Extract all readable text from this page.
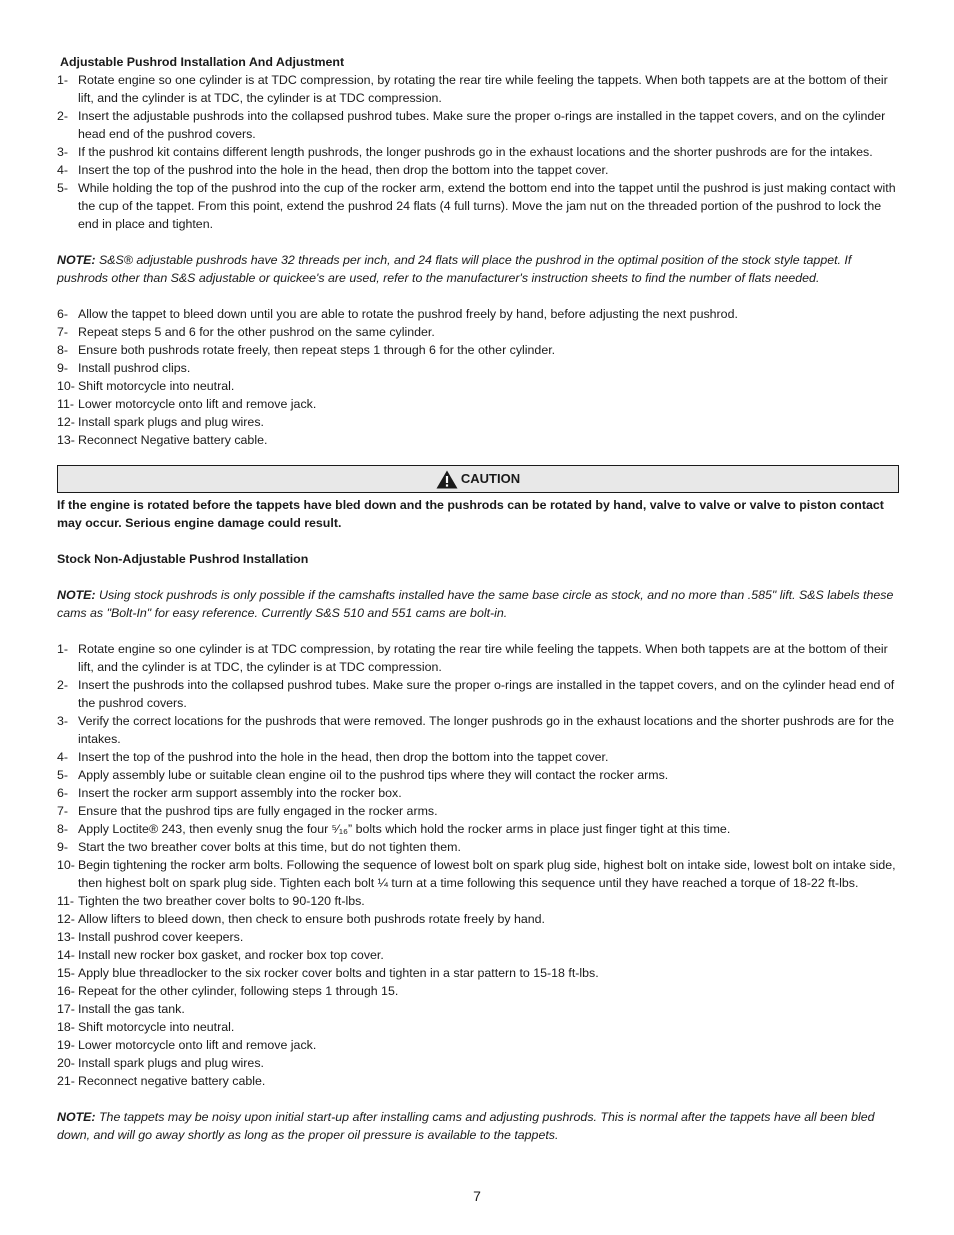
Adjustable Pushrod Installation And Adjustment

1- Rotate engine so one cylinder is at TDC compression, by rotating the rear tire while feeling the tappets. When both tappets are at the bottom of their lift, and the cylinder is at TDC, the cylinder is at TDC compression.
2- Insert the adjustable pushrods into the collapsed pushrod tubes. Make sure the proper o-rings are installed in the tappet covers, and on the cylinder head end of the pushrod covers.
3- If the pushrod kit contains different length pushrods, the longer pushrods go in the exhaust locations and the shorter pushrods are for the intakes.
4- Insert the top of the pushrod into the hole in the head, then drop the bottom into the tappet cover.
5- While holding the top of the pushrod into the cup of the rocker arm, extend the bottom end into the tappet until the pushrod is just making contact with the cup of the tappet. From this point, extend the pushrod 24 flats (4 full turns). Move the jam nut on the threaded portion of the pushrod to lock the end in place and tighten.

NOTE: S&S® adjustable pushrods have 32 threads per inch, and 24 flats will place the pushrod in the optimal position of the stock style tappet. If pushrods other than S&S adjustable or quickee's are used, refer to the manufacturer's instruction sheets to find the number of flats needed.

6- Allow the tappet to bleed down until you are able to rotate the pushrod freely by hand, before adjusting the next pushrod.
7- Repeat steps 5 and 6 for the other pushrod on the same cylinder.
8- Ensure both pushrods rotate freely, then repeat steps 1 through 6 for the other cylinder.
9- Install pushrod clips.
10- Shift motorcycle into neutral.
11- Lower motorcycle onto lift and remove jack.
12- Install spark plugs and plug wires.
13- Reconnect Negative battery cable.
CAUTION

If the engine is rotated before the tappets have bled down and the pushrods can be rotated by hand, valve to valve or valve to piston contact may occur. Serious engine damage could result.

Stock Non-Adjustable Pushrod Installation

NOTE: Using stock pushrods is only possible if the camshafts installed have the same base circle as stock, and no more than .585" lift. S&S labels these cams as "Bolt-In" for easy reference. Currently S&S 510 and 551 cams are bolt-in.

1- Rotate engine so one cylinder is at TDC compression, by rotating the rear tire while feeling the tappets. When both tappets are at the bottom of their lift, and the cylinder is at TDC, the cylinder is at TDC compression.
2- Insert the pushrods into the collapsed pushrod tubes. Make sure the proper o-rings are installed in the tappet covers, and on the cylinder head end of the pushrod covers.
3- Verify the correct locations for the pushrods that were removed. The longer pushrods go in the exhaust locations and the shorter pushrods are for the intakes.
4- Insert the top of the pushrod into the hole in the head, then drop the bottom into the tappet cover.
5- Apply assembly lube or suitable clean engine oil to the pushrod tips where they will contact the rocker arms.
6- Insert the rocker arm support assembly into the rocker box.
7- Ensure that the pushrod tips are fully engaged in the rocker arms.
8- Apply Loctite® 243, then evenly snug the four ⁵⁄₁₆” bolts which hold the rocker arms in place just finger tight at this time.
9- Start the two breather cover bolts at this time, but do not tighten them.
10- Begin tightening the rocker arm bolts. Following the sequence of lowest bolt on spark plug side, highest bolt on intake side, lowest bolt on intake side, then highest bolt on spark plug side. Tighten each bolt ¼ turn at a time following this sequence until they have reached a torque of 18-22 ft-lbs.
11- Tighten the two breather cover bolts to 90-120 ft-lbs.
12- Allow lifters to bleed down, then check to ensure both pushrods rotate freely by hand.
13- Install pushrod cover keepers.
14- Install new rocker box gasket, and rocker box top cover.
15- Apply blue threadlocker to the six rocker cover bolts and tighten in a star pattern to 15-18 ft-lbs.
16- Repeat for the other cylinder, following steps 1 through 15.
17- Install the gas tank.
18- Shift motorcycle into neutral.
19- Lower motorcycle onto lift and remove jack.
20- Install spark plugs and plug wires.
21- Reconnect negative battery cable.

NOTE: The tappets may be noisy upon initial start-up after installing cams and adjusting pushrods. This is normal after the tappets have all been bled down, and will go away shortly as long as the proper oil pressure is available to the tappets.

7
